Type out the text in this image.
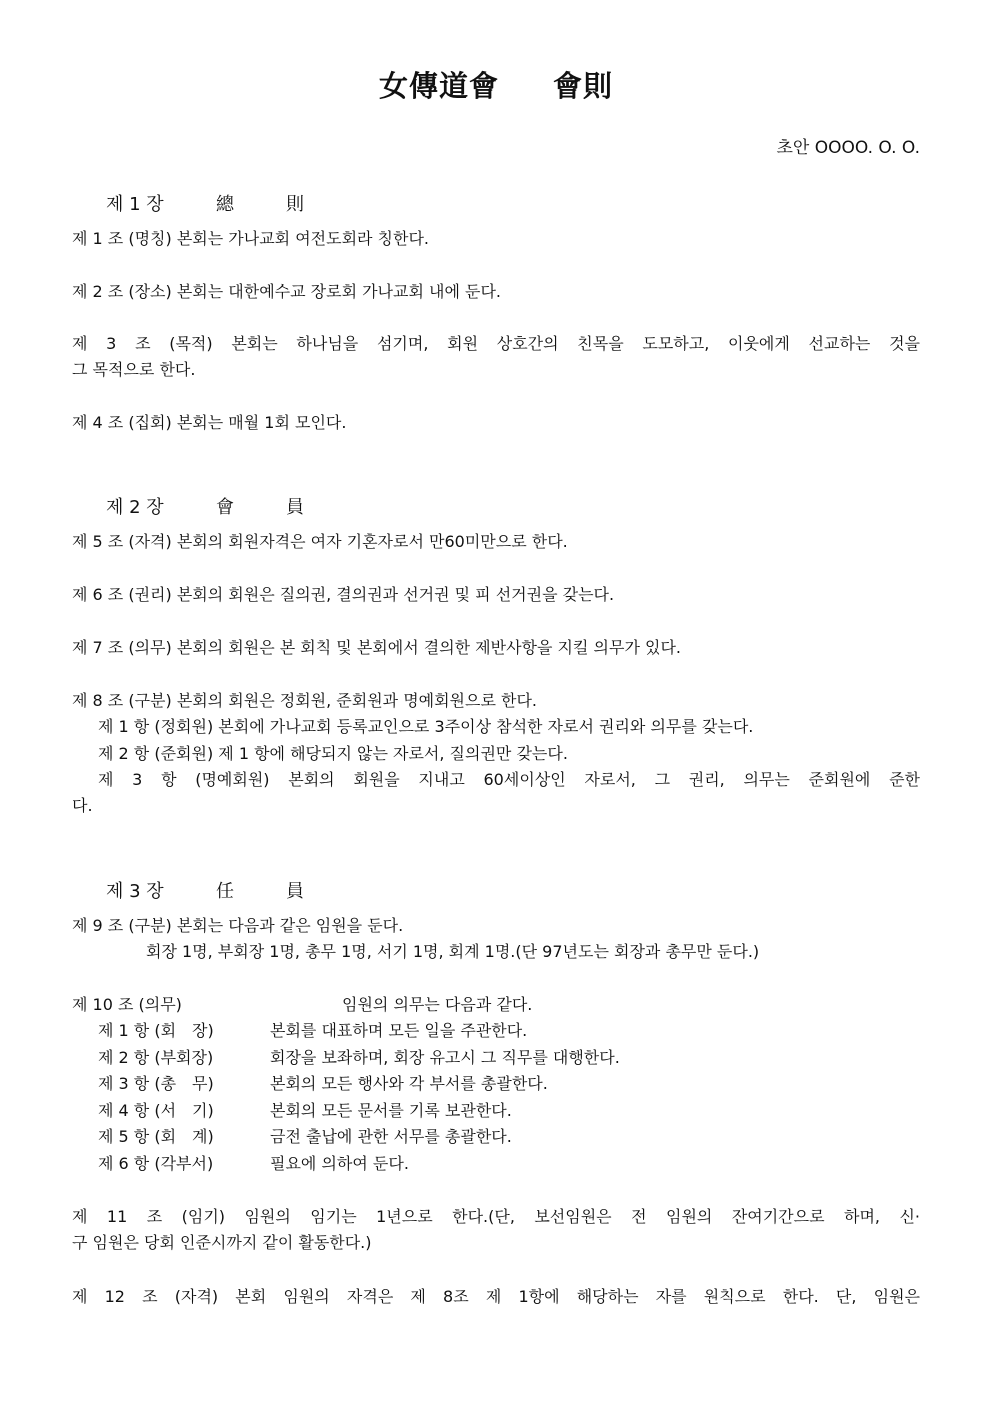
女傳道會 會則
초안 OOOO. O. O.
제 1 장	總	則
제 1 조 (명칭) 본회는 가나교회 여전도회라 칭한다.
제 2 조 (장소) 본회는 대한예수교 장로회 가나교회 내에 둔다.
제 3 조 (목적) 본회는 하나님을 섬기며, 회원 상호간의 친목을 도모하고, 이웃에게 선교하는 것을
그 목적으로 한다.
제 4 조 (집회) 본회는 매월 1회 모인다.
제 2 장	會	員
제 5 조 (자격) 본회의 회원자격은 여자 기혼자로서 만60미만으로 한다.
제 6 조 (권리) 본회의 회원은 질의권, 결의권과 선거권 및 피 선거권을 갖는다.
제 7 조 (의무) 본회의 회원은 본 회칙 및 본회에서 결의한 제반사항을 지킬 의무가 있다.
제 8 조 (구분) 본회의 회원은 정회원, 준회원과 명예회원으로 한다.
제 1 항 (정회원) 본회에 가나교회 등록교인으로 3주이상 참석한 자로서 권리와 의무를 갖는다.
제 2 항 (준회원) 제 1 항에 해당되지 않는 자로서, 질의권만 갖는다.
제 3 항 (명예회원) 본회의 회원을 지내고 60세이상인 자로서, 그 권리, 의무는 준회원에 준한
다.
제 3 장	任	員
제 9 조 (구분) 본회는 다음과 같은 임원을 둔다.
회장 1명, 부회장 1명, 총무 1명, 서기 1명, 회계 1명.(단 97년도는 회장과 총무만 둔다.)
제 10 조 (의무)	임원의 의무는 다음과 같다.
제 1 항 (회　장)	본회를 대표하며 모든 일을 주관한다.
제 2 항 (부회장)	회장을 보좌하며, 회장 유고시 그 직무를 대행한다.
제 3 항 (총　무)	본회의 모든 행사와 각 부서를 총괄한다.
제 4 항 (서　기)	본회의 모든 문서를 기록 보관한다.
제 5 항 (회　계)	금전 출납에 관한 서무를 총괄한다.
제 6 항 (각부서)	필요에 의하여 둔다.
제 11 조 (임기) 임원의 임기는 1년으로 한다.(단, 보선임원은 전 임원의 잔여기간으로 하며, 신·
구 임원은 당회 인준시까지 같이 활동한다.)
제 12 조 (자격) 본회 임원의 자격은 제 8조 제 1항에 해당하는 자를 원칙으로 한다. 단, 임원은
